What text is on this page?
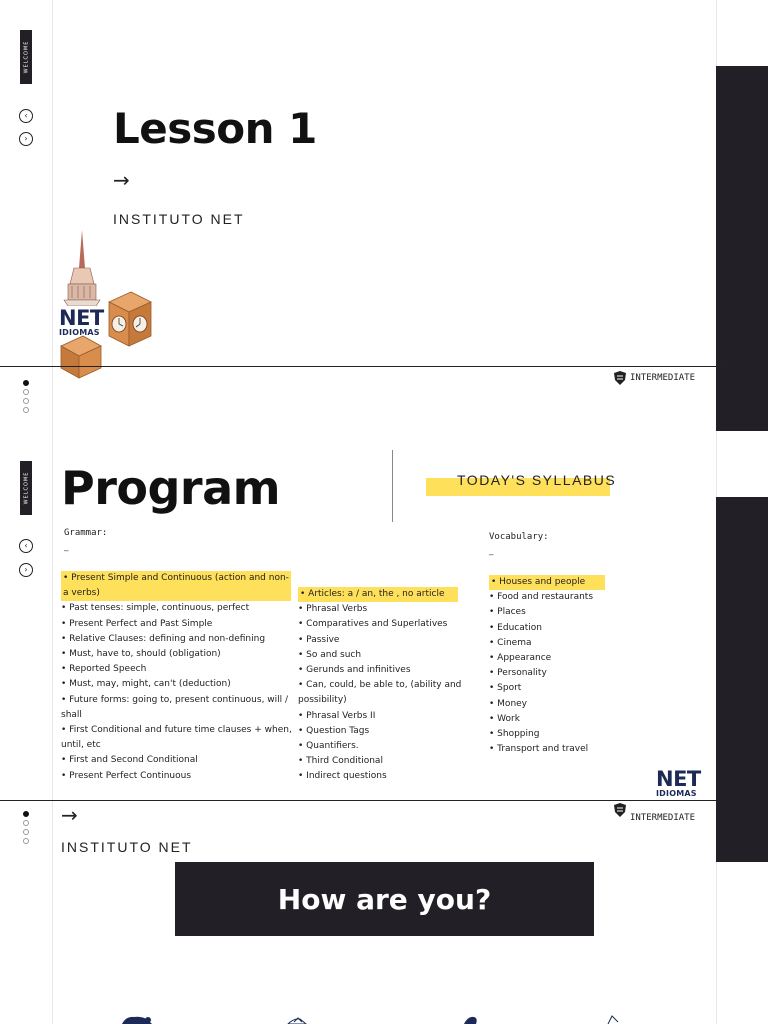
WELCOME
‹
› Lesson 1
→
INSTITUTO NET
NET
IDIOMAS
INTERMEDIATE
WELCOME
‹
›
Program	TODAY'S SYLLABUS
Grammar:
_
Vocabulary:
_
• Present Simple and Continuous (action and non-a verbs)
• Past tenses: simple, continuous, perfect
• Present Perfect and Past Simple
• Relative Clauses: defining and non-defining
• Must, have to, should (obligation)
• Reported Speech
• Must, may, might, can't (deduction)
• Future forms: going to, present continuous, will / shall
• First Conditional and future time clauses + when, until, etc
• First and Second Conditional
• Present Perfect Continuous
• Articles: a / an, the , no article
• Phrasal Verbs
• Comparatives and Superlatives
• Passive
• So and such
• Gerunds and infinitives
• Can, could, be able to, (ability and possibility)
• Phrasal Verbs II
• Question Tags
• Quantifiers.
• Third Conditional
• Indirect questions
• Houses and people
• Food and restaurants
• Places
• Education
• Cinema
• Appearance
• Personality
• Sport
• Money
• Work
• Shopping
• Transport and travel
NET
IDIOMAS
INTERMEDIATE
→
INSTITUTO NET
How are you?
